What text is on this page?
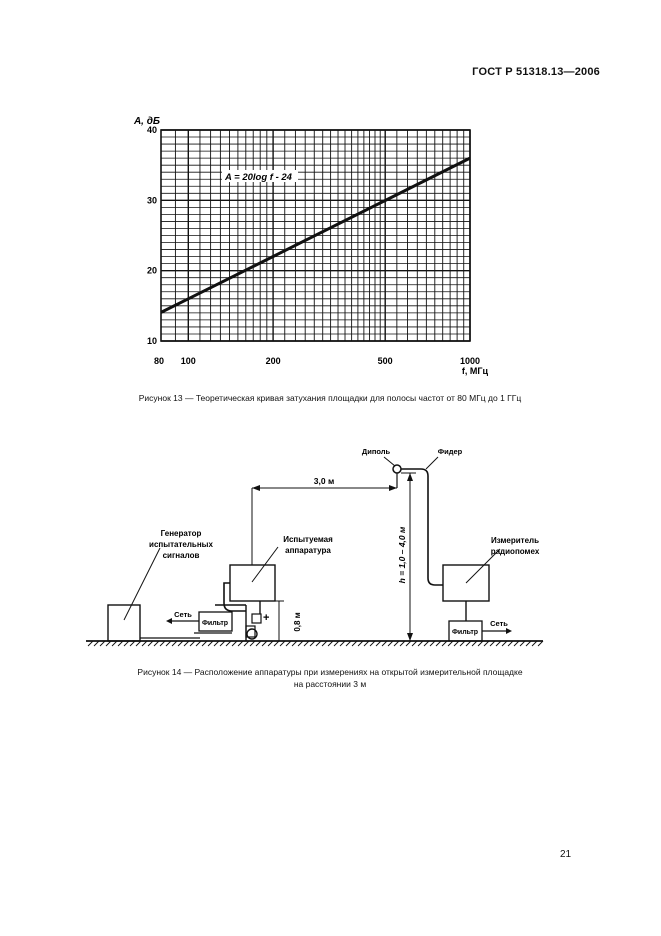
ГОСТ Р 51318.13—2006
80 100	200	500	1000
10
20
30
40
A, дБ
f, МГц
A = 20log f - 24
Рисунок 13 — Теоретическая кривая затухания площадки для полосы частот от 80 МГц до 1 ГГц
Генератор
испытательных
сигналов
Фильтр
Сеть	+
Испытуемая
аппаратура
0,8 м
3,0 м
h = 1,0 – 4,0 м
Диполь	Фидер
Измеритель
радиопомех
Фильтр
Сеть
Рисунок 14 — Расположение аппаратуры при измерениях на открытой измерительной площадке
на расстоянии 3 м
21
